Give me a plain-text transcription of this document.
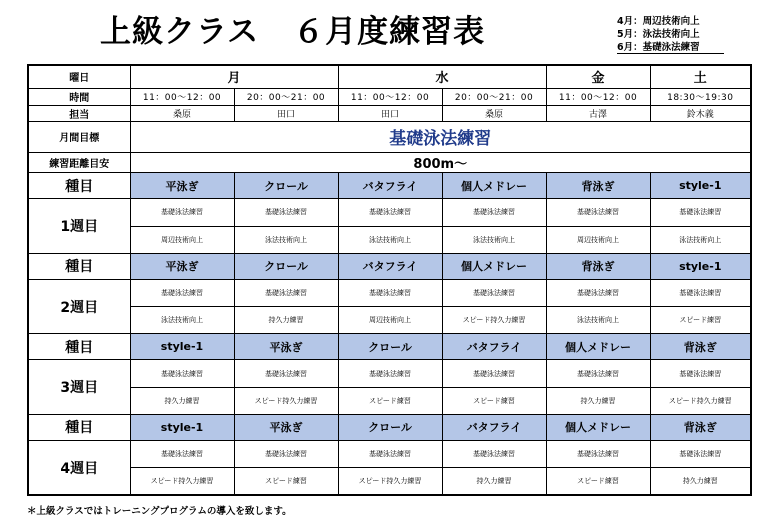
上級クラス ６月度練習表	4月：周辺技術向上
5月：泳法技術向上
6月：基礎泳法練習
曜日	月		水		金	土
時間	11：00～12：00	20：00～21：00	11：00～12：00	20：00～21：00	11：00～12：00	18:30～19:30
担当	桑原	田口	田口	桑原	古澤	鈴木義
月間目標	基礎泳法練習					
練習距離目安	800m～					
種目	平泳ぎ	クロール	バタフライ	個人メドレー	背泳ぎ	style-1
1週目	基礎泳法練習	基礎泳法練習	基礎泳法練習	基礎泳法練習	基礎泳法練習	基礎泳法練習
	周辺技術向上	泳法技術向上	泳法技術向上	泳法技術向上	周辺技術向上	泳法技術向上
種目	平泳ぎ	クロール	バタフライ	個人メドレー	背泳ぎ	style-1
2週目	基礎泳法練習	基礎泳法練習	基礎泳法練習	基礎泳法練習	基礎泳法練習	基礎泳法練習
	泳法技術向上	持久力練習	周辺技術向上	スピード持久力練習	泳法技術向上	スピード練習
種目	style-1	平泳ぎ	クロール	バタフライ	個人メドレー	背泳ぎ
3週目	基礎泳法練習	基礎泳法練習	基礎泳法練習	基礎泳法練習	基礎泳法練習	基礎泳法練習
	持久力練習	スピード持久力練習	スピード練習	スピード練習	持久力練習	スピード持久力練習
種目	style-1	平泳ぎ	クロール	バタフライ	個人メドレー	背泳ぎ
4週目	基礎泳法練習	基礎泳法練習	基礎泳法練習	基礎泳法練習	基礎泳法練習	基礎泳法練習
	スピード持久力練習	スピード練習	スピード持久力練習	持久力練習	スピード練習	持久力練習
＊上級クラスではトレーニングプログラムの導入を致します。
